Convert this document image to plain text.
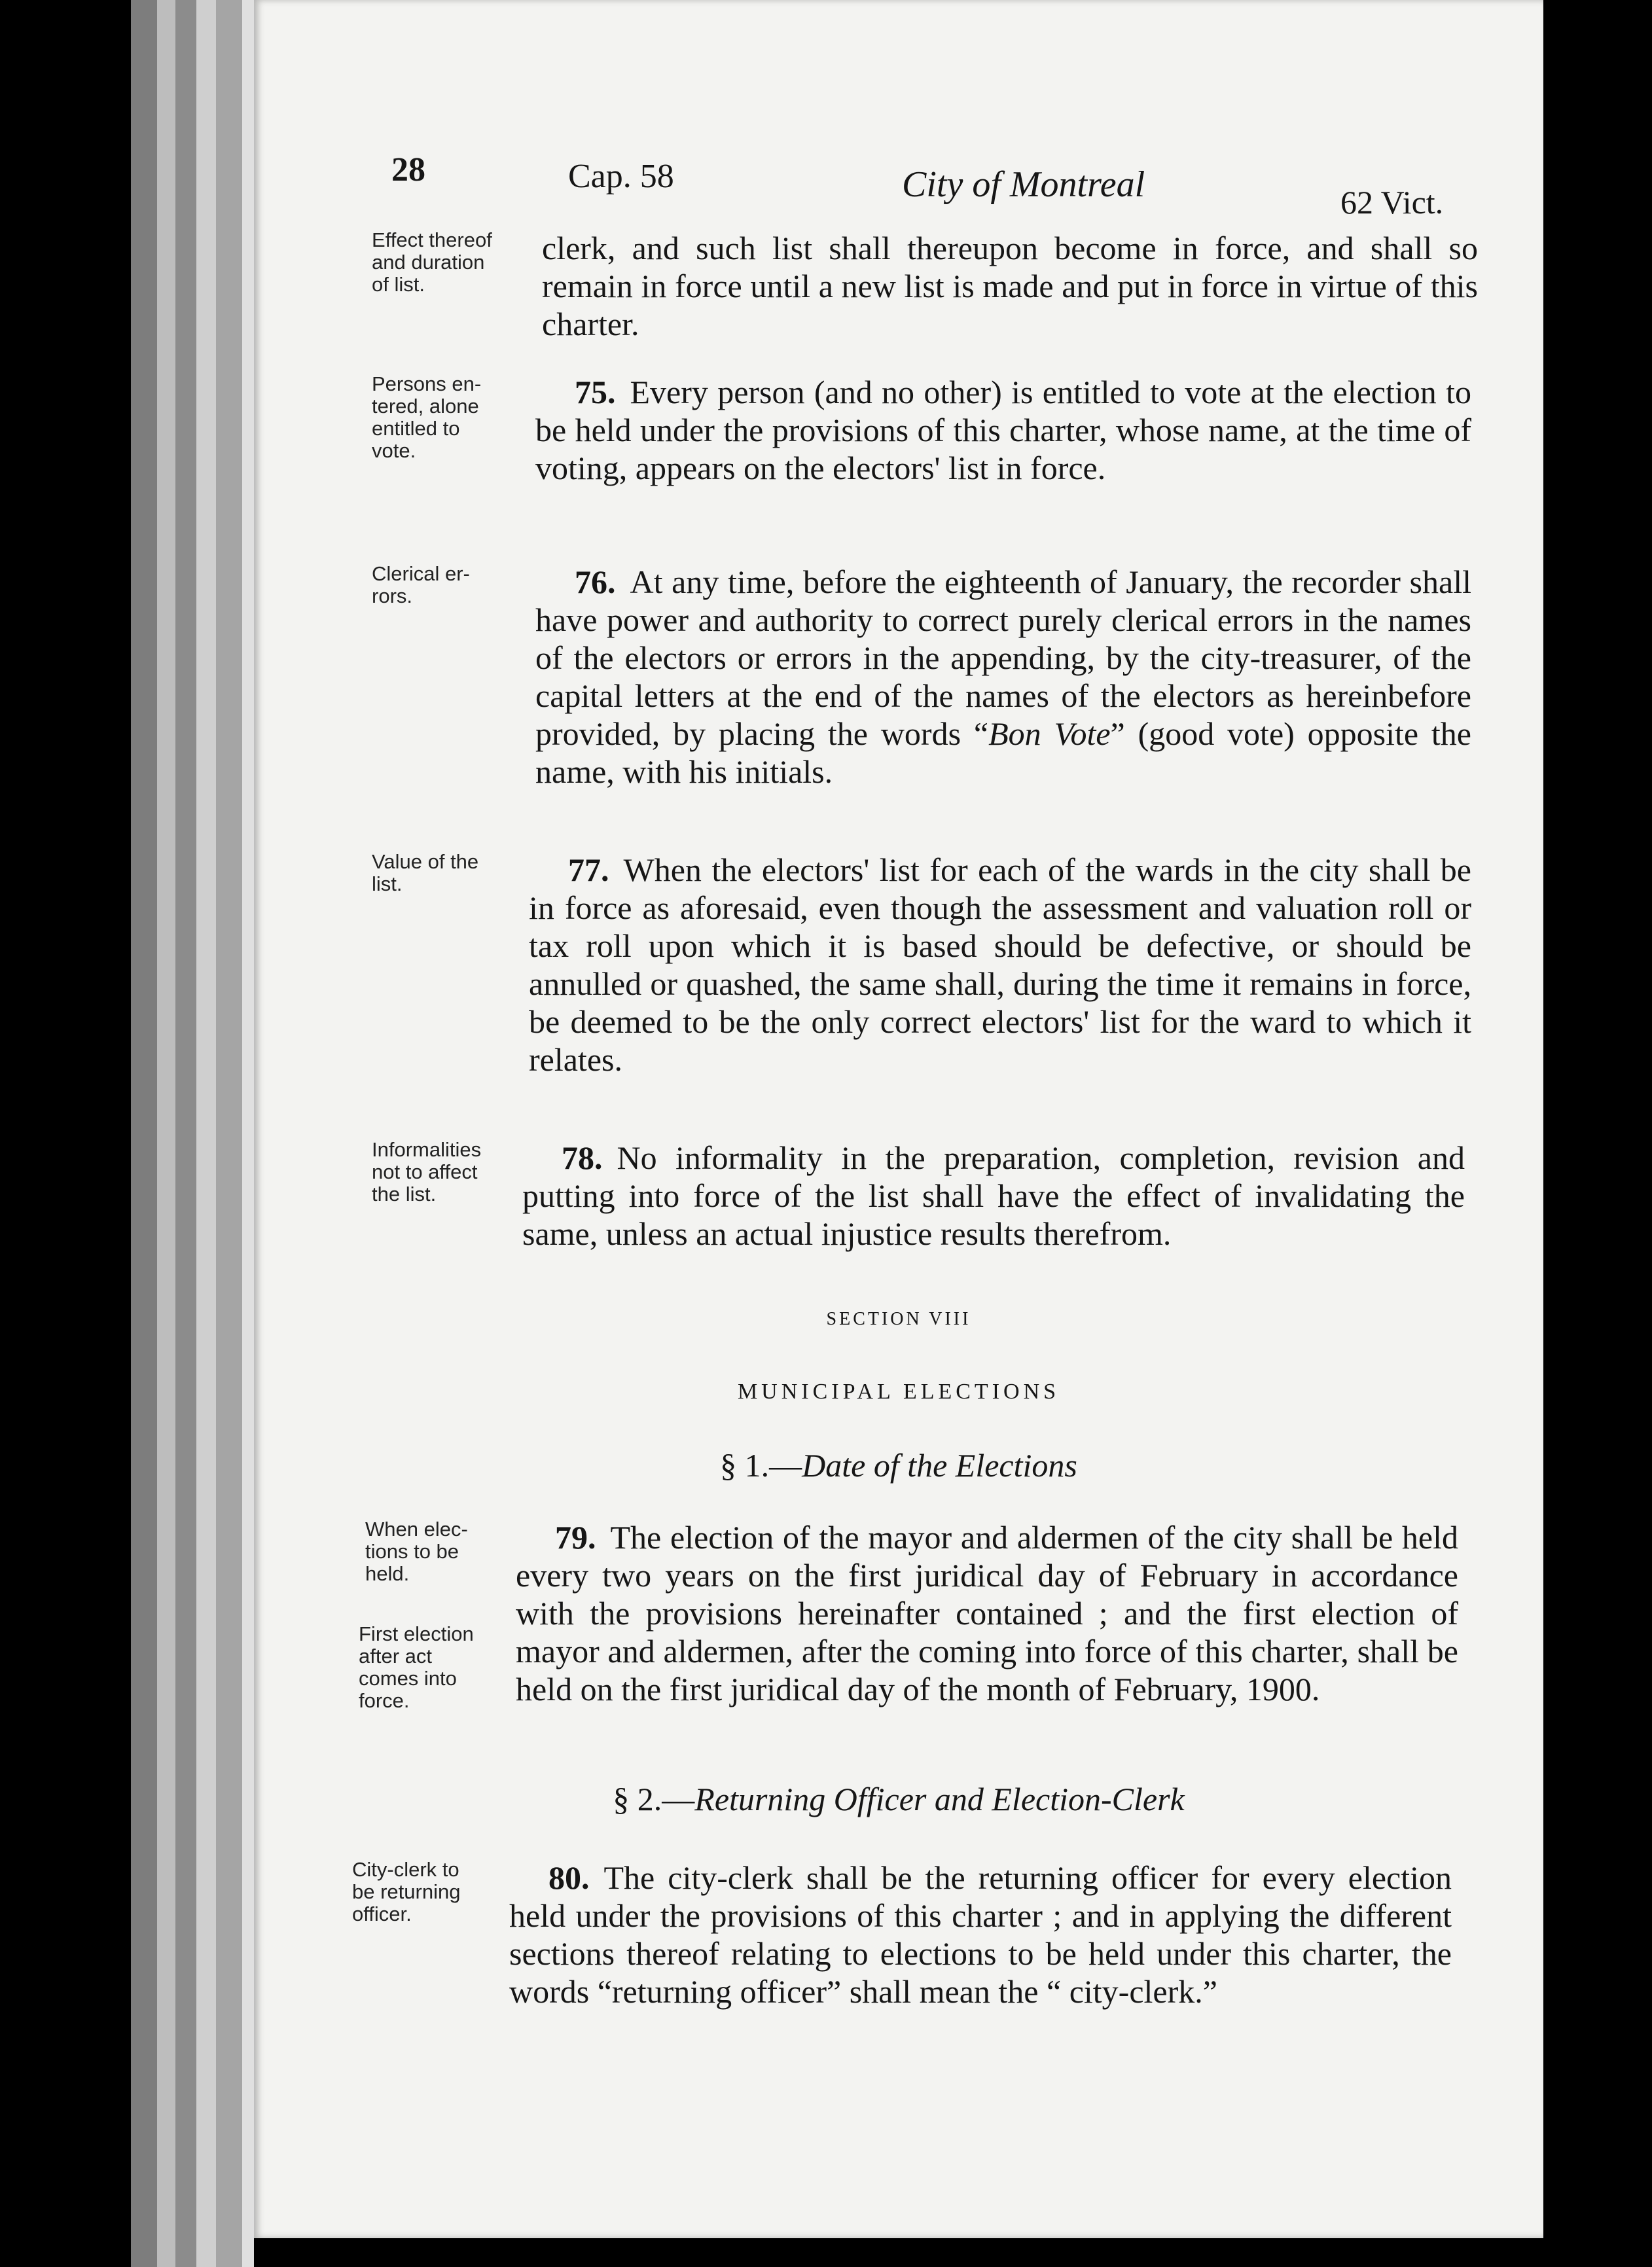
28	Cap. 58	City of Montreal	62 Vict.
Effect thereof
and duration
of list.
clerk, and such list shall thereupon become in force, and shall so remain in force until a new list is made and put in force in virtue of this charter.
Persons en-
tered, alone
entitled to
vote.
75. Every person (and no other) is entitled to vote at the election to be held under the provisions of this charter, whose name, at the time of voting, appears on the electors' list in force.
Clerical er-
rors.	76. At any time, before the eighteenth of January, the recorder shall have power and authority to correct purely clerical errors in the names of the electors or errors in the appending, by the city-treasurer, of the capital letters at the end of the names of the electors as hereinbefore provided, by placing the words “Bon Vote” (good vote) opposite the name, with his initials.
Value of the
list.	77. When the electors' list for each of the wards in the city shall be in force as aforesaid, even though the assessment and valuation roll or tax roll upon which it is based should be defective, or should be annulled or quashed, the same shall, during the time it remains in force, be deemed to be the only correct electors' list for the ward to which it relates.
Informalities
not to affect
the list.
78. No informality in the preparation, completion, revision and putting into force of the list shall have the effect of invalidating the same, unless an actual injustice results therefrom.
SECTION VIII
MUNICIPAL ELECTIONS
§ 1.—Date of the Elections
When elec-
tions to be
held.
First election
after act
comes into
force.
79. The election of the mayor and aldermen of the city shall be held every two years on the first juridical day of February in accordance with the provisions hereinafter contained ; and the first election of mayor and aldermen, after the coming into force of this charter, shall be held on the first juridical day of the month of February, 1900.
§ 2.—Returning Officer and Election-Clerk
City-clerk to
be returning
officer.
80. The city-clerk shall be the returning officer for every election held under the provisions of this charter ; and in applying the different sections thereof relating to elections to be held under this charter, the words “returning officer” shall mean the “ city-clerk.”
